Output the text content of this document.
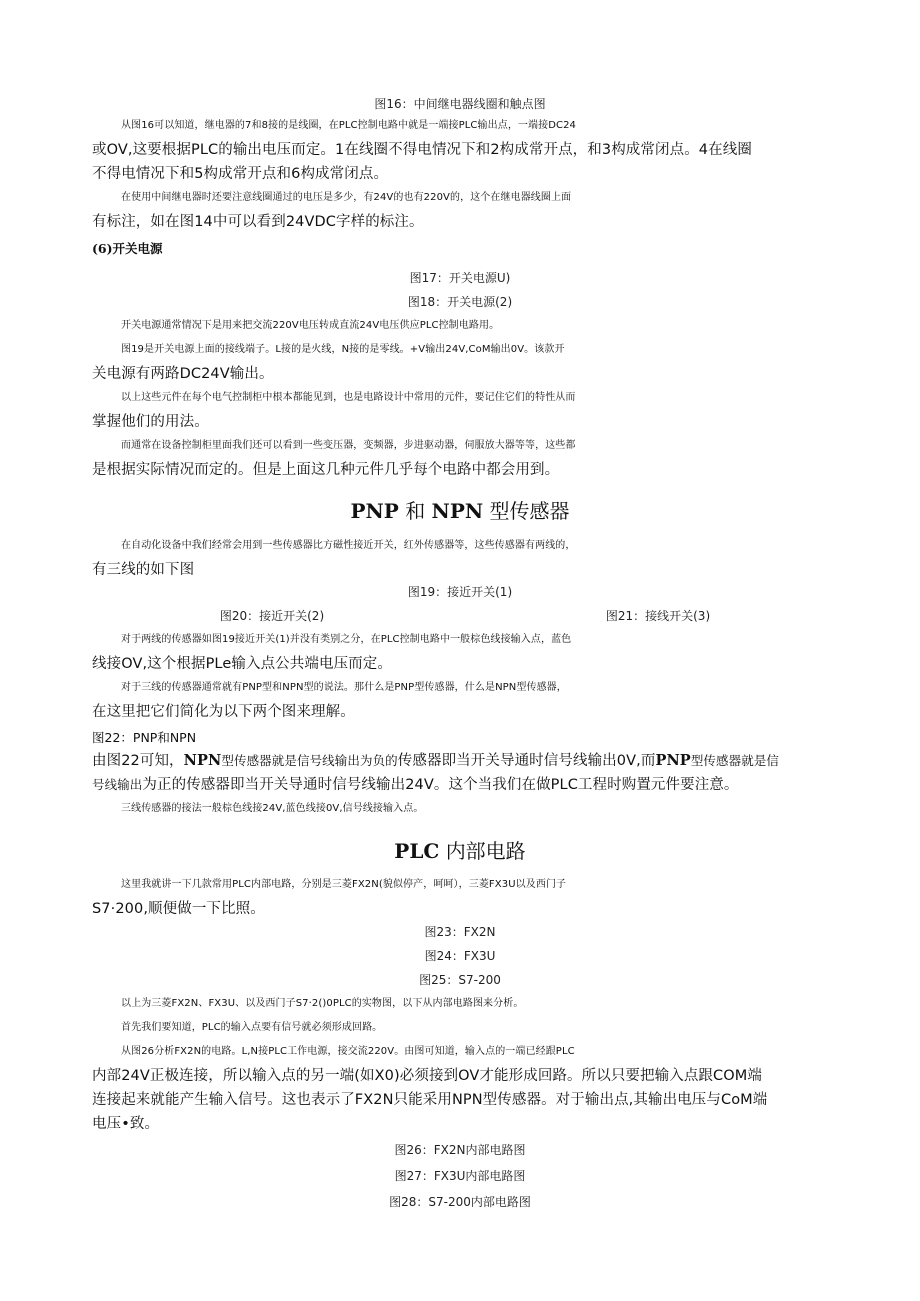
图16：中间继电器线圈和触点图
从图16可以知道，继电器的7和8接的是线圈，在PLC控制电路中就是一端接PLC输出点，一端接DC24
或OV,这要根据PLC的输出电压而定。1在线圈不得电情况下和2构成常开点，和3构成常闭点。4在线圈
不得电情况下和5构成常开点和6构成常闭点。
在使用中间继电器时还要注意线圈通过的电压是多少，有24V的也有220V的，这个在继电器线圈上面
有标注，如在图14中可以看到24VDC字样的标注。
(6)开关电源
图17：开关电源U)
图18：开关电源(2)
开关电源通常情况下是用来把交流220V电压转成直流24V电压供应PLC控制电路用。
图19是开关电源上面的接线端子。L接的是火线，N接的是零线。+V输出24V,CoM输出0V。该款开
关电源有两路DC24V输出。
以上这些元件在每个电气控制柜中根本都能见到，也是电路设计中常用的元件，要记住它们的特性从而
掌握他们的用法。
而通常在设备控制柜里面我们还可以看到一些变压器，变频器，步进驱动器，伺服放大器等等，这些都
是根据实际情况而定的。但是上面这几种元件几乎每个电路中都会用到。
PNP 和 NPN 型传感器
在自动化设备中我们经常会用到一些传感器比方磁性接近开关，红外传感器等，这些传感器有两线的，
有三线的如下图
图19：接近开关(1)
图20：接近开关(2)	图21：接线开关(3)
对于两线的传感器如图19接近开关(1)并没有类别之分，在PLC控制电路中一般棕色线接输入点，蓝色
线接OV,这个根据PLe输入点公共端电压而定。
对于三线的传感器通常就有PNP型和NPN型的说法。那什么是PNP型传感器，什么是NPN型传感器，
在这里把它们简化为以下两个图来理解。
图22：PNP和NPN
由图22可知，NPN型传感器就是信号线输出为负的传感器即当开关导通时信号线输出0V,而PNP型传感器就是信
号线输出为正的传感器即当开关导通时信号线输出24V。这个当我们在做PLC工程时购置元件要注意。
三线传感器的接法一般棕色线接24V,蓝色线接0V,信号线接输入点。
PLC 内部电路
这里我就讲一下几款常用PLC内部电路，分别是三菱FX2N(貌似停产，呵呵），三菱FX3U以及西门子
S7·200,顺便做一下比照。
图23：FX2N
图24：FX3U
图25：S7-200
以上为三菱FX2N、FX3U、以及西门子S7·2()0PLC的实物图，以下从内部电路图来分析。
首先我们要知道，PLC的输入点要有信号就必须形成回路。
从图26分析FX2N的电路。L,N接PLC工作电源，接交流220V。由图可知道，输入点的一端已经跟PLC
内部24V正极连接，所以输入点的另一端(如X0)必须接到OV才能形成回路。所以只要把输入点跟COM端
连接起来就能产生输入信号。这也表示了FX2N只能采用NPN型传感器。对于输出点,其输出电压与CoM端
电压•致。
图26：FX2N内部电路图
图27：FX3U内部电路图
图28：S7-200内部电路图
